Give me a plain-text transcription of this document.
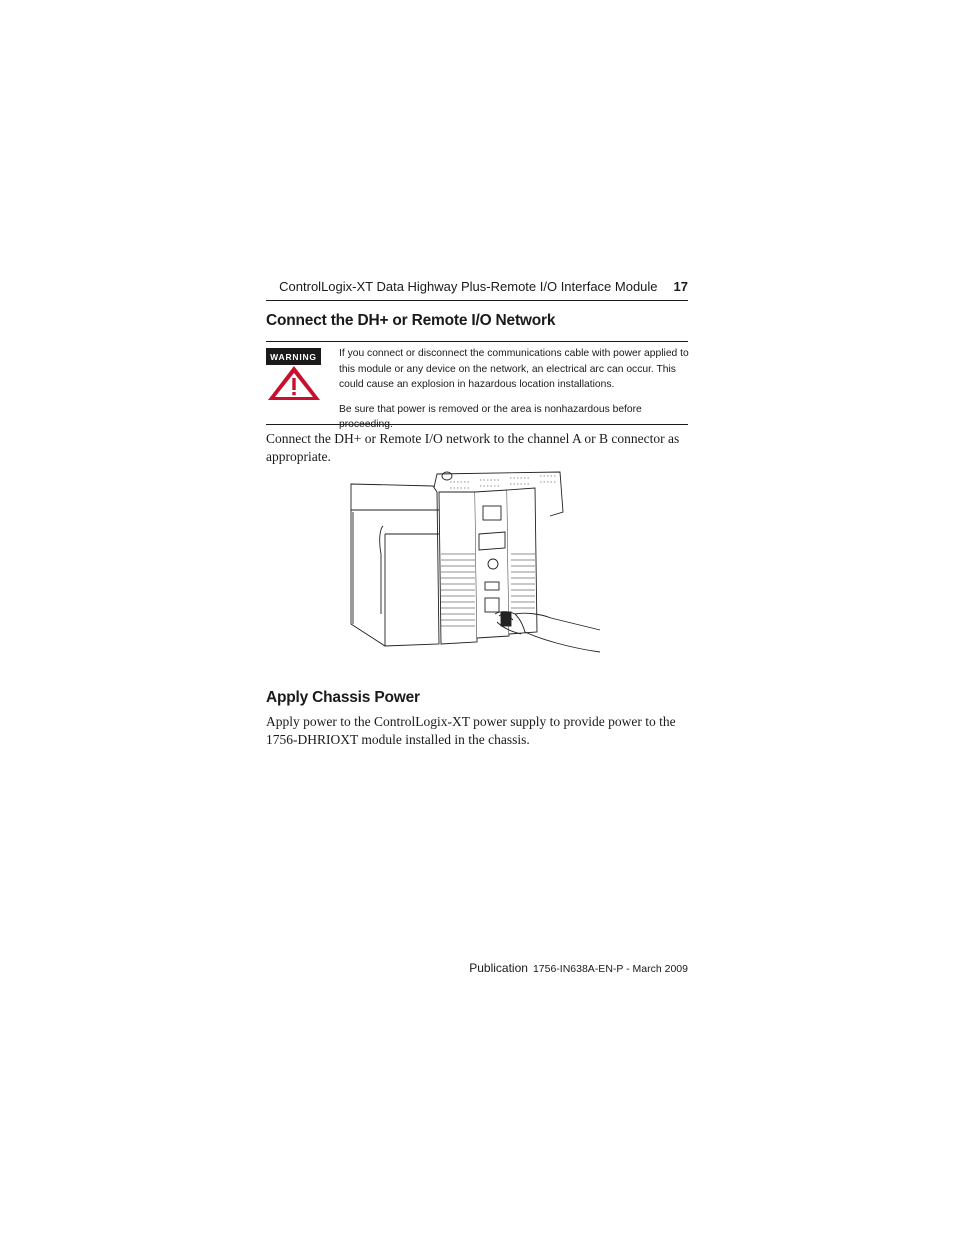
ControlLogix-XT Data Highway Plus-Remote I/O Interface Module 17
Connect the DH+ or Remote I/O Network
WARNING	If you connect or disconnect the communications cable with power applied to this module or any device on the network, an electrical arc can occur. This could cause an explosion in hazardous location installations.

Be sure that power is removed or the area is nonhazardous before proceeding.

Connect the DH+ or Remote I/O network to the channel A or B connector as appropriate.

Apply Chassis Power

Apply power to the ControlLogix-XT power supply to provide power to the 1756-DHRIOXT module installed in the chassis.

Publication 1756-IN638A-EN-P - March 2009
